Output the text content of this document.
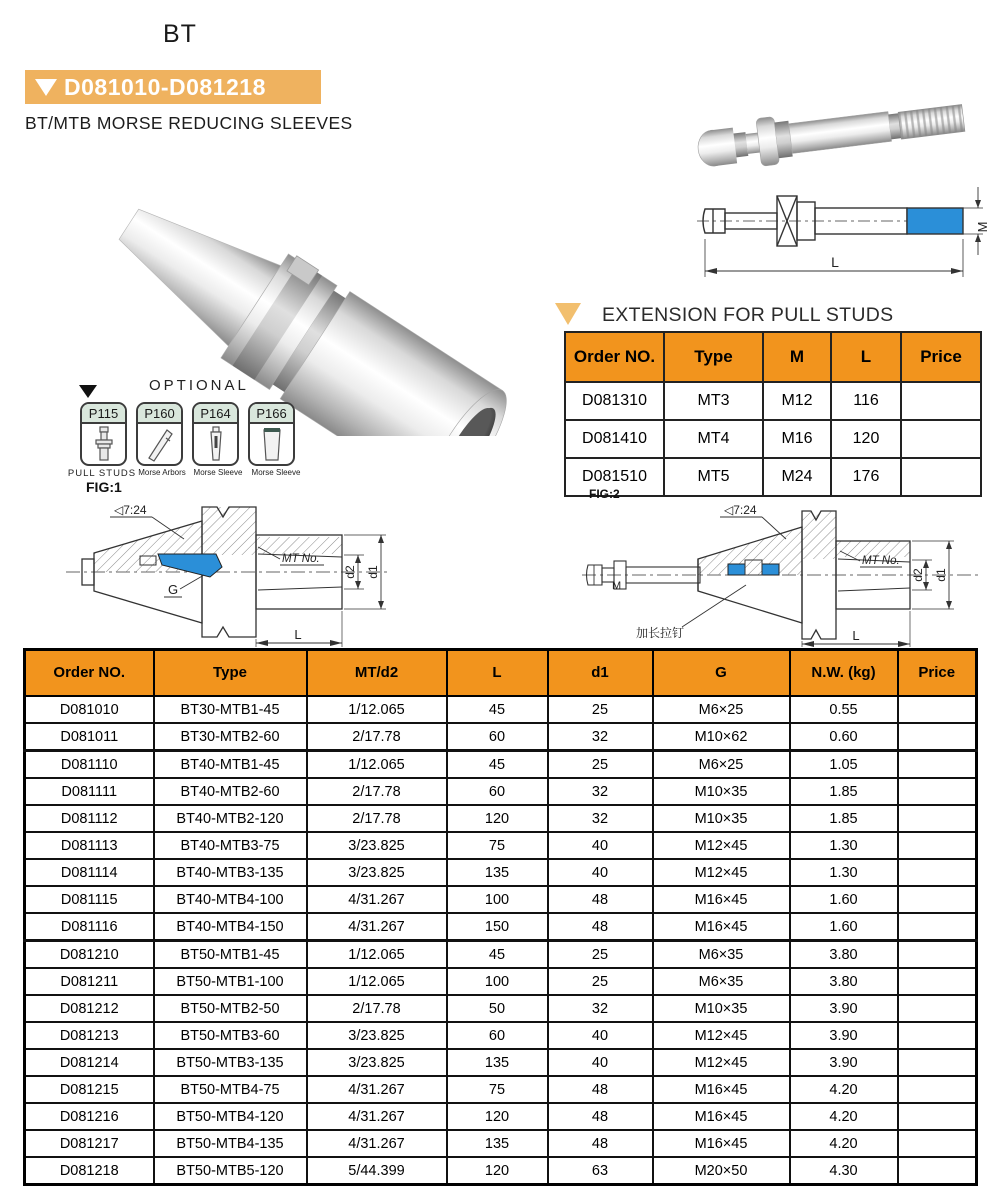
BT
D081010-D081218
BT/MTB MORSE REDUCING SLEEVES
M
L
OPTIONAL
P115	P160	P164	P166
PULL STUDS Morse Arbors Morse Sleeve	Morse Sleeve
FIG:1
EXTENSION FOR PULL STUDS
Order NO.	Type	M	L	Price
D081310	MT3	M12	116	
D081410	MT4	M16	120	
D081510	MT5	M24	176	
FIG:2
◁7:24
MT No.
G
d2 d1
L
◁7:24
M
MT No.
加长拉钉
d2 d1
L
Order NO.	Type	MT/d2	L	d1	G	N.W. (kg)	Price
D081010	BT30-MTB1-45	1/12.065	45	25	M6×25	0.55	
D081011	BT30-MTB2-60	2/17.78	60	32	M10×62	0.60	
D081110	BT40-MTB1-45	1/12.065	45	25	M6×25	1.05	
D081111	BT40-MTB2-60	2/17.78	60	32	M10×35	1.85	
D081112	BT40-MTB2-120	2/17.78	120	32	M10×35	1.85	
D081113	BT40-MTB3-75	3/23.825	75	40	M12×45	1.30	
D081114	BT40-MTB3-135	3/23.825	135	40	M12×45	1.30	
D081115	BT40-MTB4-100	4/31.267	100	48	M16×45	1.60	
D081116	BT40-MTB4-150	4/31.267	150	48	M16×45	1.60	
D081210	BT50-MTB1-45	1/12.065	45	25	M6×35	3.80	
D081211	BT50-MTB1-100	1/12.065	100	25	M6×35	3.80	
D081212	BT50-MTB2-50	2/17.78	50	32	M10×35	3.90	
D081213	BT50-MTB3-60	3/23.825	60	40	M12×45	3.90	
D081214	BT50-MTB3-135	3/23.825	135	40	M12×45	3.90	
D081215	BT50-MTB4-75	4/31.267	75	48	M16×45	4.20	
D081216	BT50-MTB4-120	4/31.267	120	48	M16×45	4.20	
D081217	BT50-MTB4-135	4/31.267	135	48	M16×45	4.20	
D081218	BT50-MTB5-120	5/44.399	120	63	M20×50	4.30	
